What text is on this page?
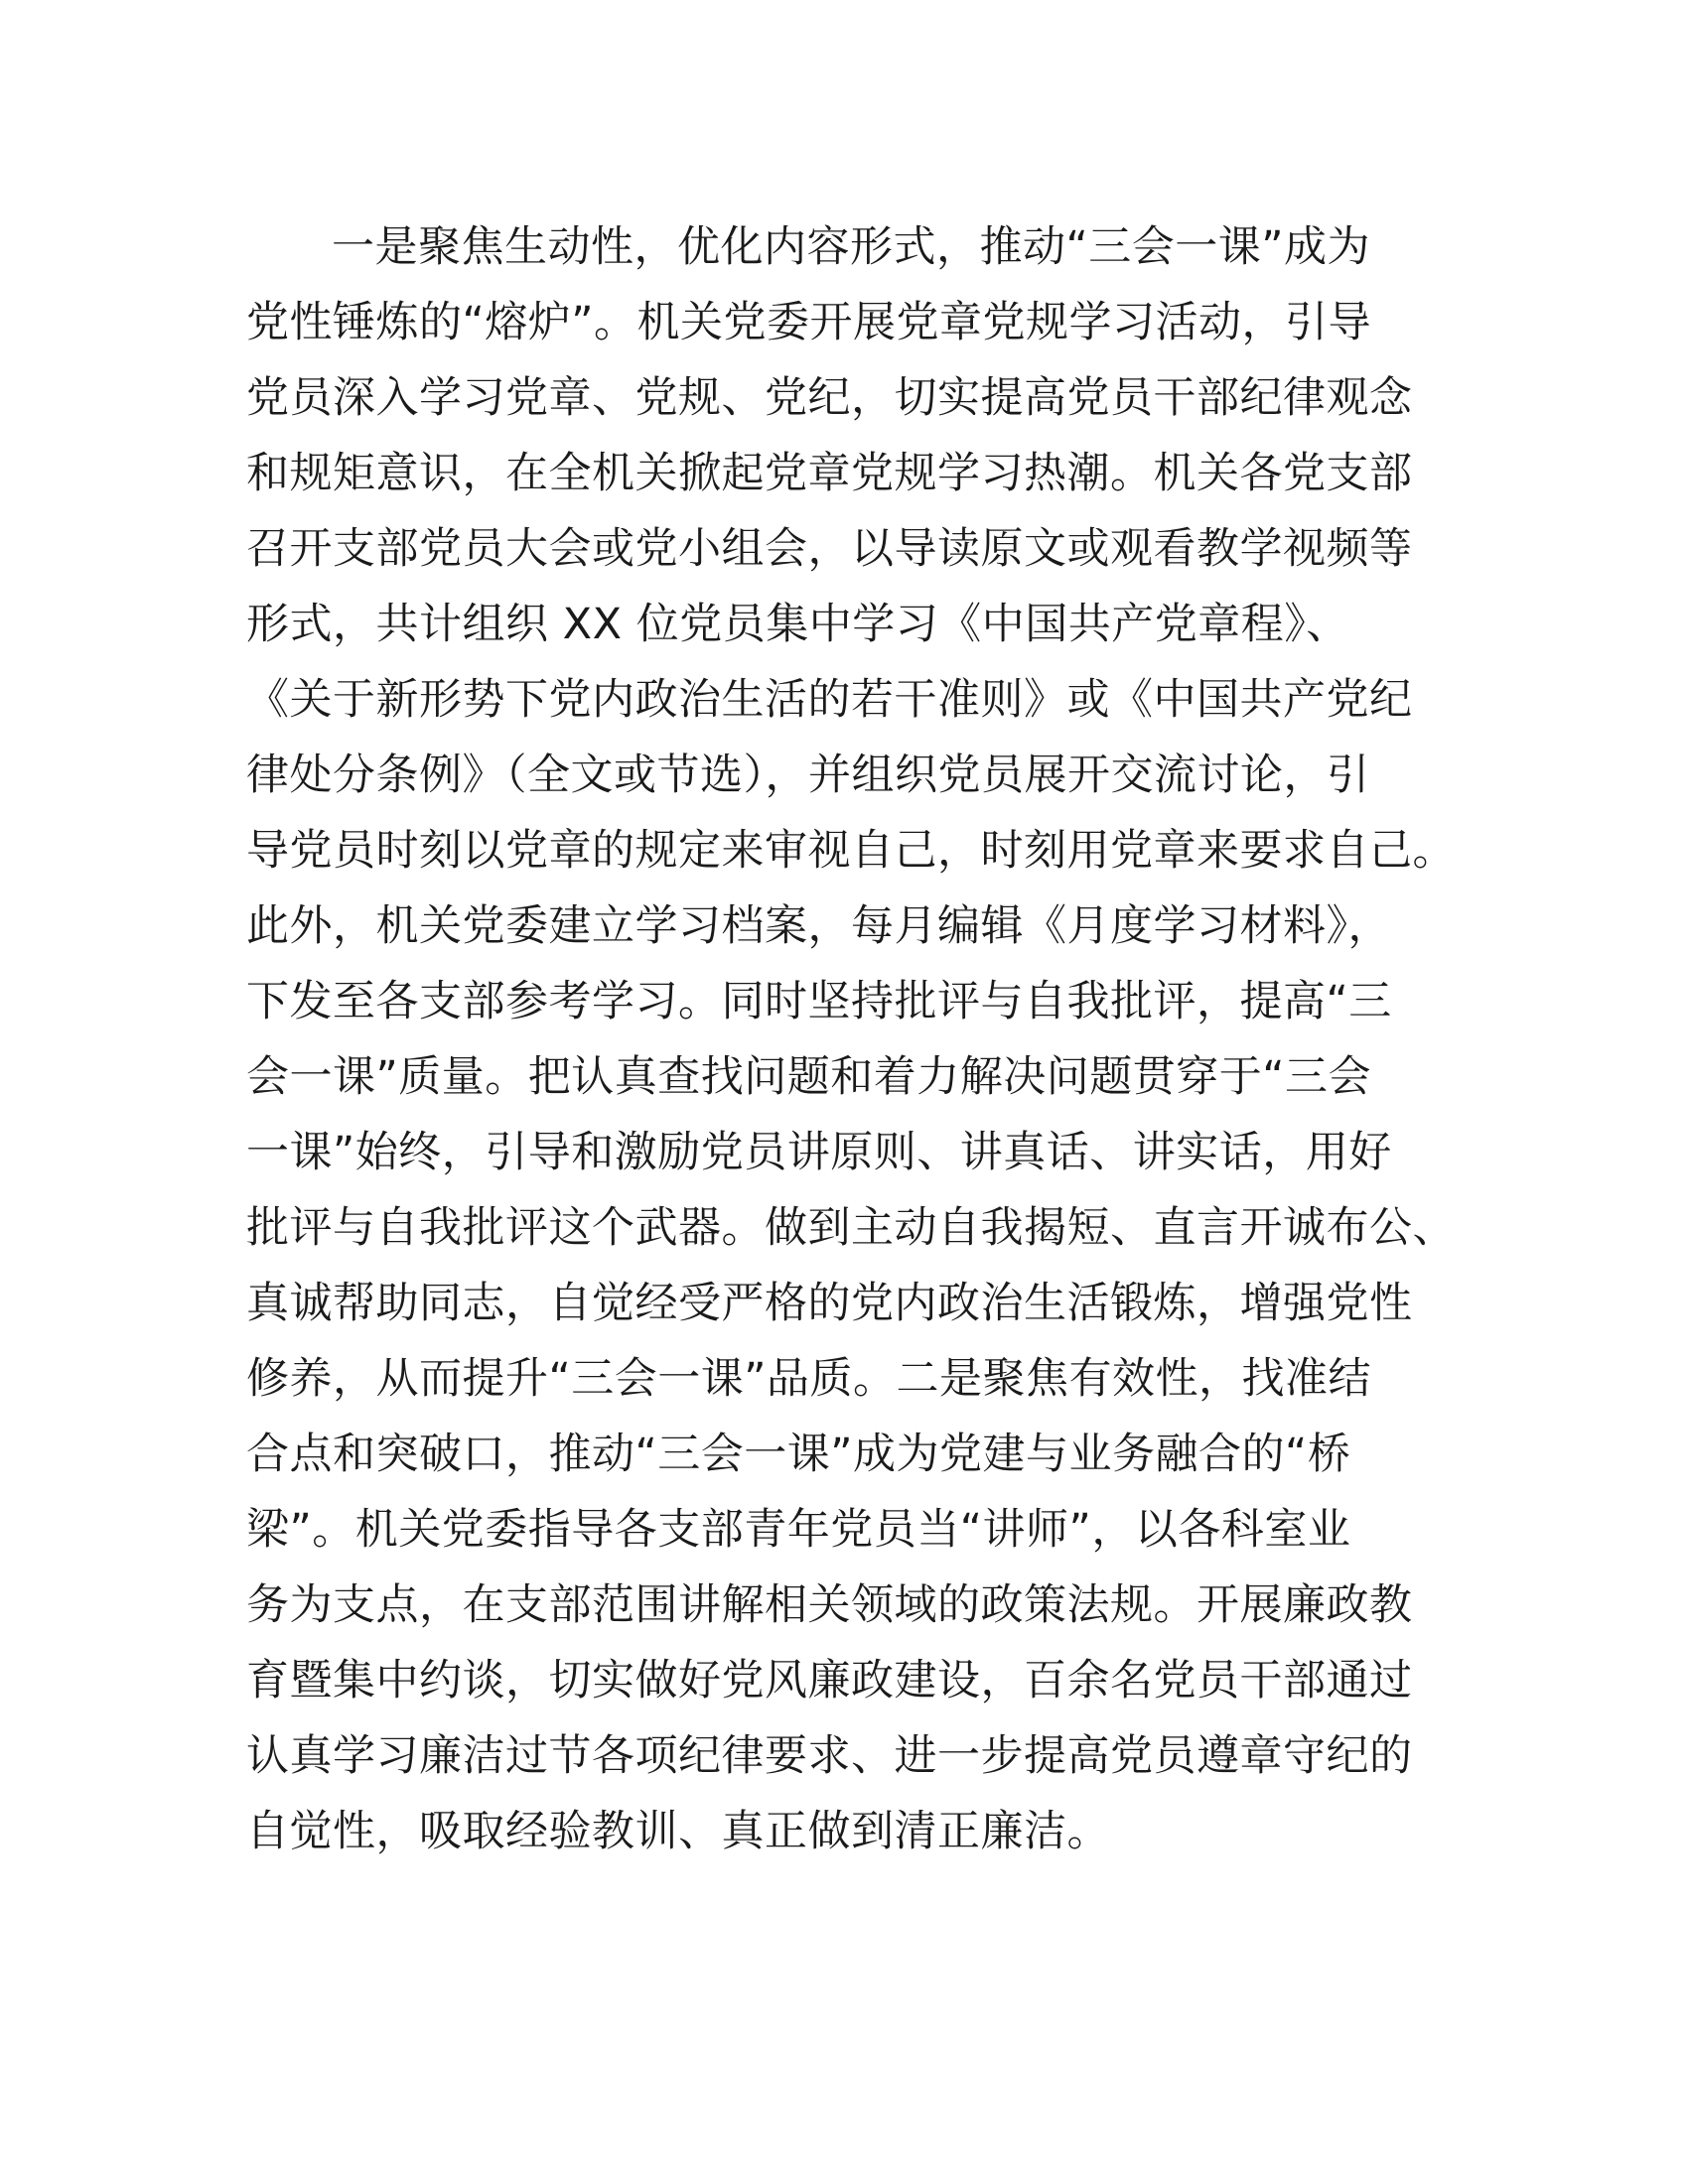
一是聚焦生动性，优化内容形式，推动“三会一课”成为
党性锤炼的“熔炉”。机关党委开展党章党规学习活动，引导
党员深入学习党章、党规、党纪，切实提高党员干部纪律观念
和规矩意识，在全机关掀起党章党规学习热潮。机关各党支部
召开支部党员大会或党小组会，以导读原文或观看教学视频等
形式，共计组织 XX 位党员集中学习《中国共产党章程》、
《关于新形势下党内政治生活的若干准则》或《中国共产党纪
律处分条例》（全文或节选），并组织党员展开交流讨论，引
导党员时刻以党章的规定来审视自己，时刻用党章来要求自己。
此外，机关党委建立学习档案，每月编辑《月度学习材料》，
下发至各支部参考学习。同时坚持批评与自我批评，提高“三
会一课”质量。把认真查找问题和着力解决问题贯穿于“三会
一课”始终，引导和激励党员讲原则、讲真话、讲实话，用好
批评与自我批评这个武器。做到主动自我揭短、直言开诚布公、
真诚帮助同志，自觉经受严格的党内政治生活锻炼，增强党性
修养，从而提升“三会一课”品质。二是聚焦有效性，找准结
合点和突破口，推动“三会一课”成为党建与业务融合的“桥
梁”。机关党委指导各支部青年党员当“讲师”，以各科室业
务为支点，在支部范围讲解相关领域的政策法规。开展廉政教
育暨集中约谈，切实做好党风廉政建设，百余名党员干部通过
认真学习廉洁过节各项纪律要求、进一步提高党员遵章守纪的
自觉性，吸取经验教训、真正做到清正廉洁。
